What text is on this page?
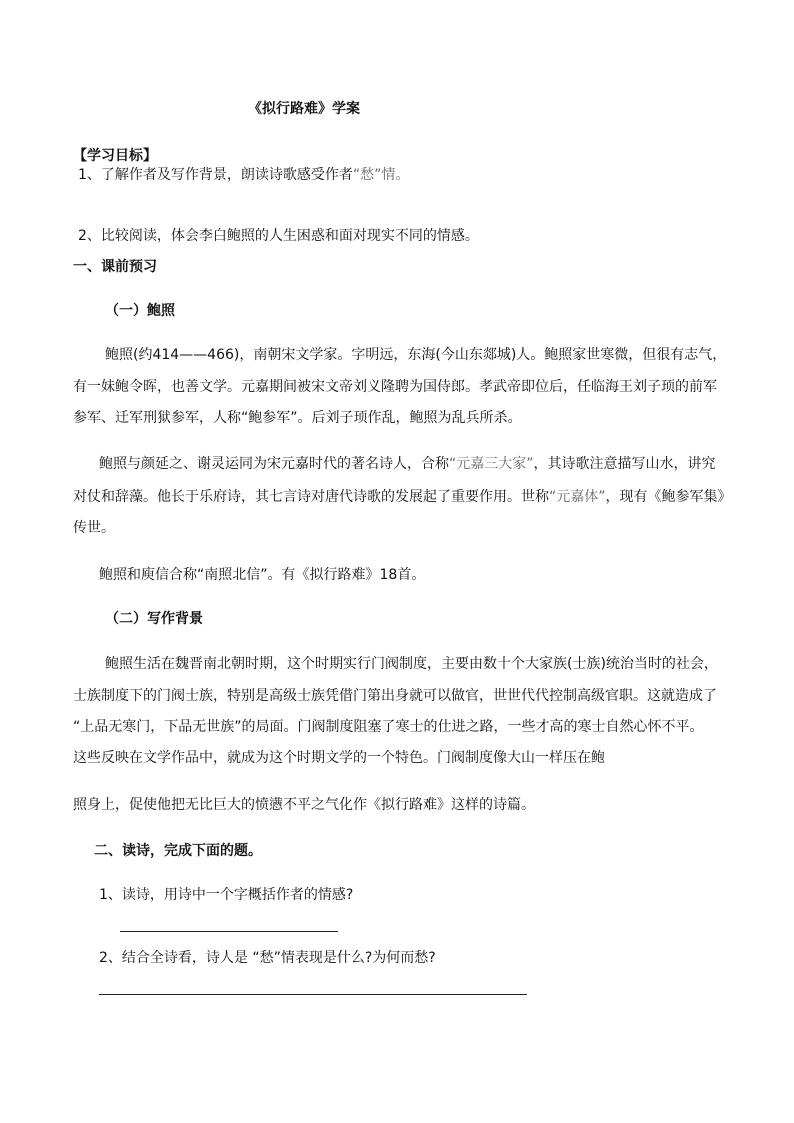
《拟行路难》学案
【学习目标】
1、了解作者及写作背景，朗读诗歌感受作者“愁”情。
2、比较阅读，体会李白鲍照的人生困惑和面对现实不同的情感。
一、课前预习
（一）鲍照
鲍照(约414——466)，南朝宋文学家。字明远，东海(今山东郯城)人。鲍照家世寒微，但很有志气，
有一妹鲍令晖，也善文学。元嘉期间被宋文帝刘义隆聘为国侍郎。孝武帝即位后，任临海王刘子顼的前军
参军、迁军刑狱参军，人称“鲍参军”。后刘子顼作乱，鲍照为乱兵所杀。
鲍照与颜延之、谢灵运同为宋元嘉时代的著名诗人，合称“元嘉三大家”，其诗歌注意描写山水，讲究
对仗和辞藻。他长于乐府诗，其七言诗对唐代诗歌的发展起了重要作用。世称“元嘉体”，现有《鲍参军集》
传世。
鲍照和庾信合称“南照北信”。有《拟行路难》18首。
（二）写作背景
鲍照生活在魏晋南北朝时期，这个时期实行门阀制度，主要由数十个大家族(士族)统治当时的社会，
士族制度下的门阀士族，特别是高级士族凭借门第出身就可以做官，世世代代控制高级官职。这就造成了
“上品无寒门，下品无世族”的局面。门阀制度阻塞了寒士的仕进之路，一些才高的寒士自然心怀不平。
这些反映在文学作品中，就成为这个时期文学的一个特色。门阀制度像大山一样压在鲍
照身上，促使他把无比巨大的愤懑不平之气化作《拟行路难》这样的诗篇。
二、读诗，完成下面的题。
1、读诗，用诗中一个字概括作者的情感?
2、结合全诗看，诗人是 “愁”情表现是什么?为何而愁?
